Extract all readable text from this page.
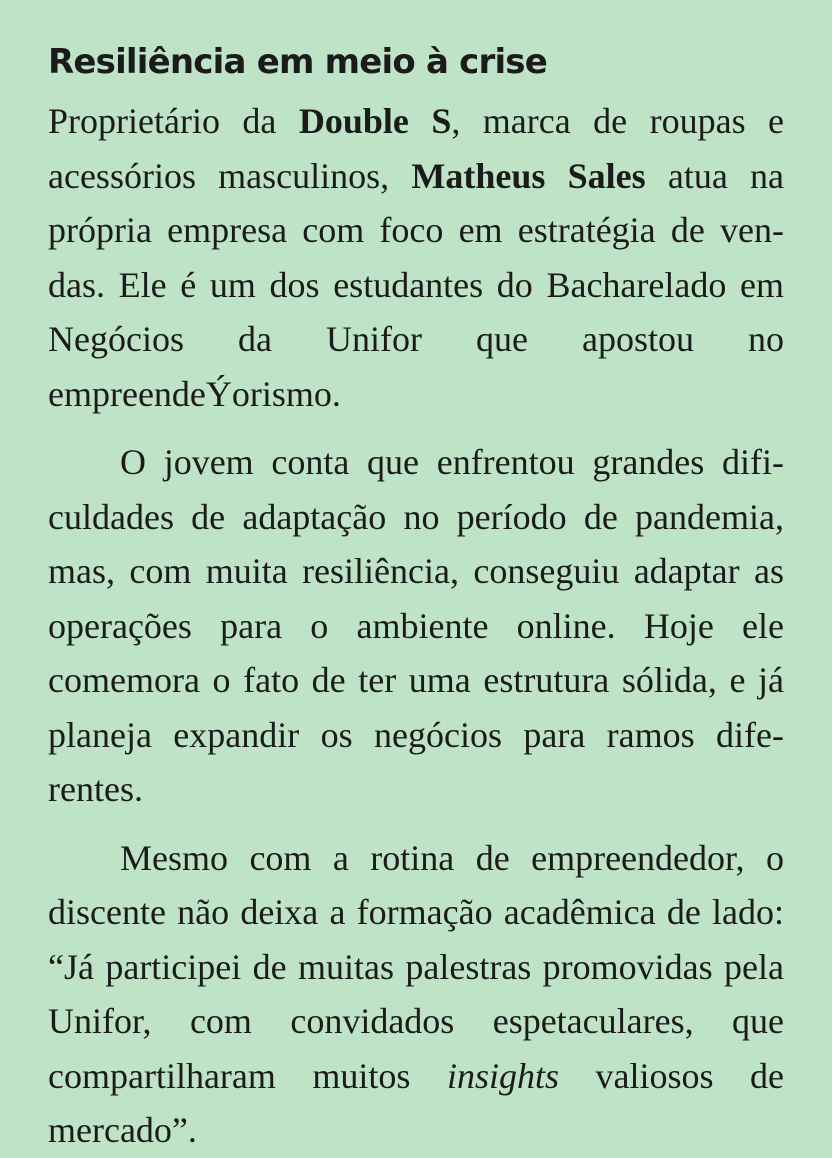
Resiliência em meio à crise

Proprietário da Double S, marca de roupas e acessórios masculinos, Matheus Sales atua na própria empresa com foco em estratégia de vendas. Ele é um dos estudantes do Bacharelado em Negócios da Unifor que apostou no empreendeÝorismo.

O jovem conta que enfrentou grandes dificuldades de adaptação no período de pandemia, mas, com muita resiliência, conseguiu adaptar as operações para o ambiente online. Hoje ele comemora o fato de ter uma estrutura sólida, e já planeja expandir os negócios para ramos diferentes.

Mesmo com a rotina de empreendedor, o discente não deixa a formação acadêmica de lado: “Já participei de muitas palestras promovidas pela Unifor, com convidados espetaculares, que compartilharam muitos insights valiosos de mercado”.
